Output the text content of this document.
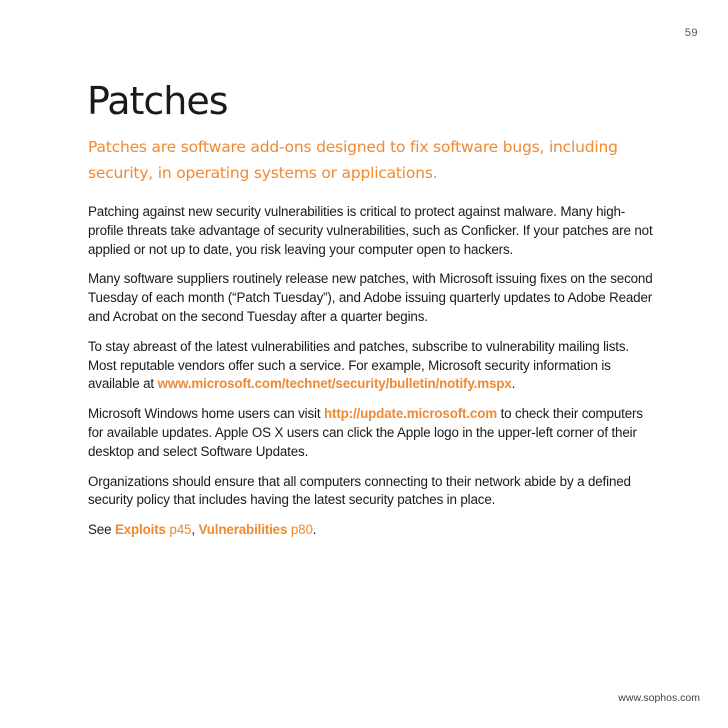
59
Patches

Patches are software add-ons designed to fix software bugs, including security, in operating systems or applications.

Patching against new security vulnerabilities is critical to protect against malware. Many high-profile threats take advantage of security vulnerabilities, such as Conficker. If your patches are not applied or not up to date, you risk leaving your computer open to hackers.

Many software suppliers routinely release new patches, with Microsoft issuing fixes on the second Tuesday of each month (“Patch Tuesday”), and Adobe issuing quarterly updates to Adobe Reader and Acrobat on the second Tuesday after a quarter begins.

To stay abreast of the latest vulnerabilities and patches, subscribe to vulnerability mailing lists. Most reputable vendors offer such a service. For example, Microsoft security information is available at www.microsoft.com/technet/security/bulletin/notify.mspx.

Microsoft Windows home users can visit http://update.microsoft.com to check their computers for available updates. Apple OS X users can click the Apple logo in the upper-left corner of their desktop and select Software Updates.

Organizations should ensure that all computers connecting to their network abide by a defined security policy that includes having the latest security patches in place.

See Exploits p45, Vulnerabilities p80.

www.sophos.com
